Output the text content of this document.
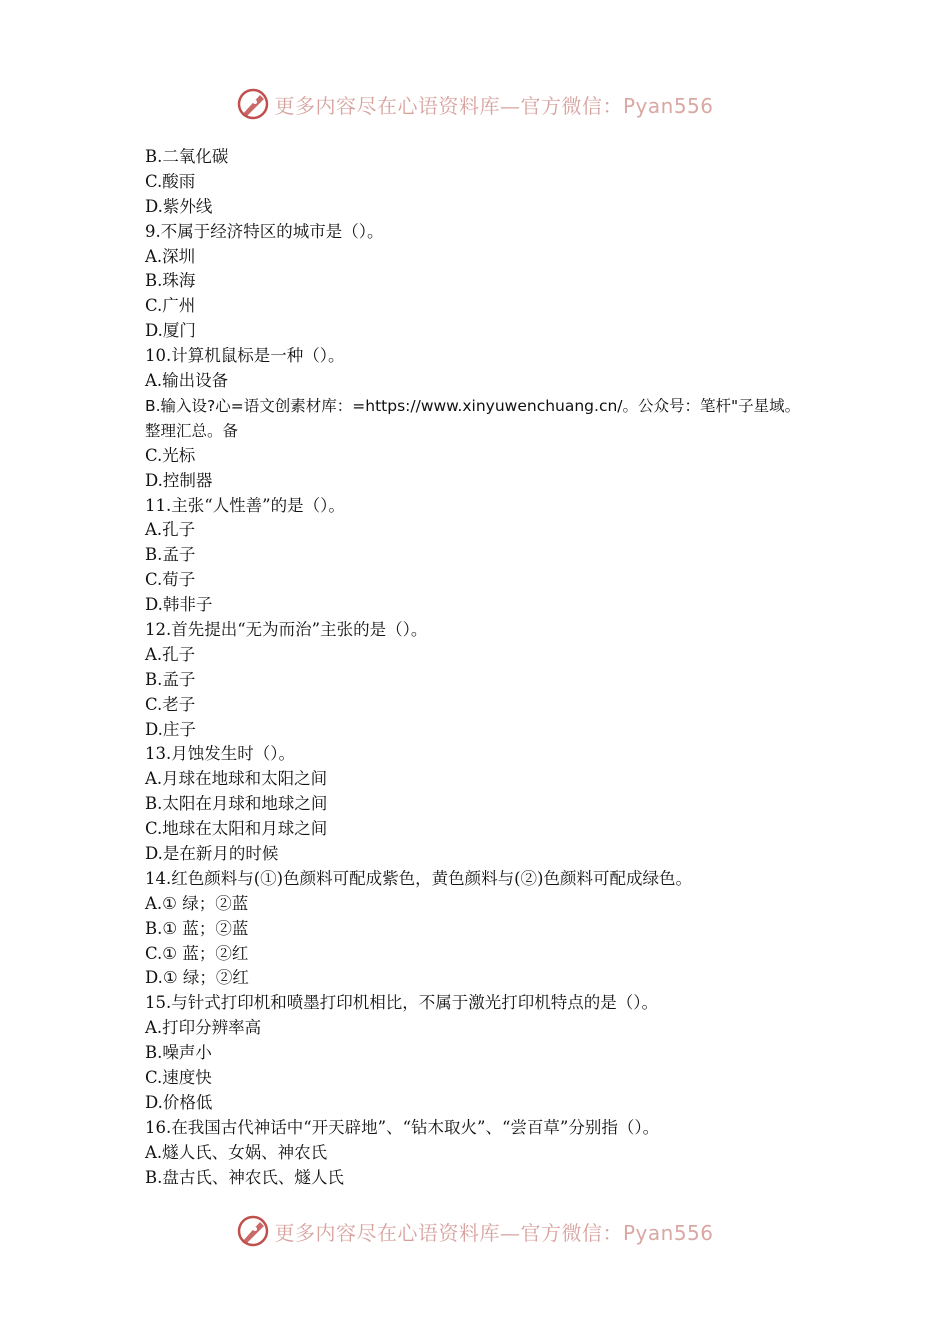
更多内容尽在心语资料库—官方微信：Pyan556
B.二氧化碳
C.酸雨
D.紫外线
9.不属于经济特区的城市是（）。
A.深圳
B.珠海
C.广州
D.厦门
10.计算机鼠标是一种（）。
A.输出设备
B.输入设?心=语文创素材库：=https://www.xinyuwenchuang.cn/。公众号：笔杆"子星域。整理汇总。备
C.光标
D.控制器
11.主张“人性善”的是（）。
A.孔子
B.孟子
C.荀子
D.韩非子
12.首先提出“无为而治”主张的是（）。
A.孔子
B.孟子
C.老子
D.庄子
13.月蚀发生时（）。
A.月球在地球和太阳之间
B.太阳在月球和地球之间
C.地球在太阳和月球之间
D.是在新月的时候
14.红色颜料与(①)色颜料可配成紫色，黄色颜料与(②)色颜料可配成绿色。
A.① 绿；②蓝
B.① 蓝；②蓝
C.① 蓝；②红
D.① 绿；②红
15.与针式打印机和喷墨打印机相比，不属于激光打印机特点的是（）。
A.打印分辨率高
B.噪声小
C.速度快
D.价格低
16.在我国古代神话中“开天辟地”、“钻木取火”、“尝百草”分别指（）。
A.燧人氏、女娲、神农氏
B.盘古氏、神农氏、燧人氏
更多内容尽在心语资料库—官方微信：Pyan556
